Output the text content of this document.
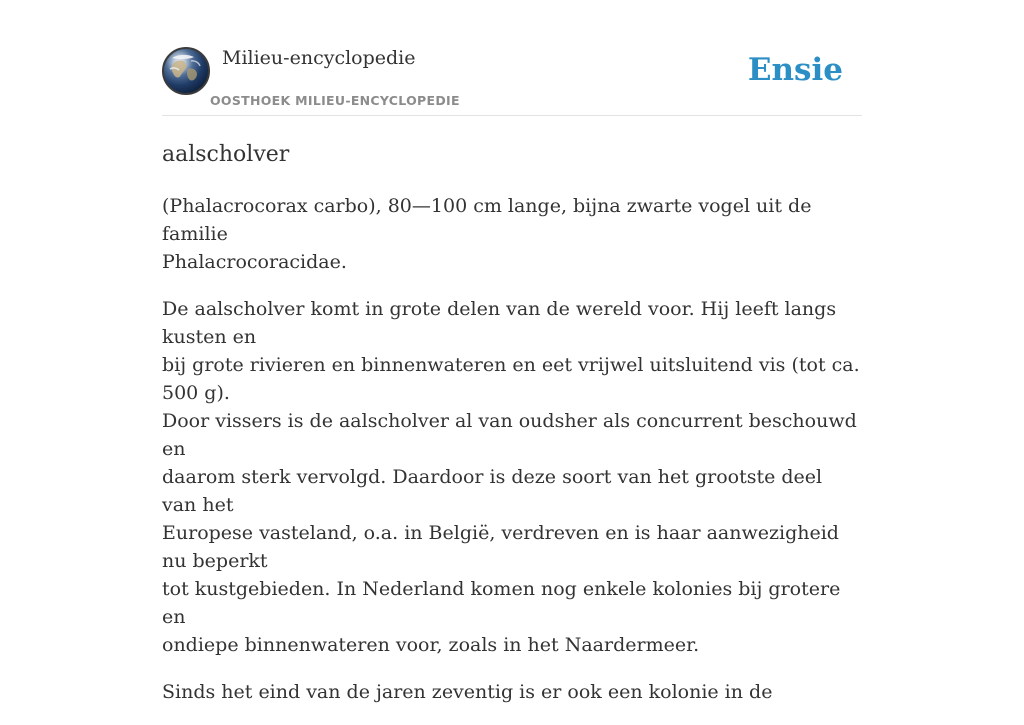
Milieu-encyclopedie
OOSTHOEK MILIEU-ENCYCLOPEDIE
Ensie
aalscholver

(Phalacrocorax carbo), 80—100 cm lange, bijna zwarte vogel uit de familie
Phalacrocoracidae.

De aalscholver komt in grote delen van de wereld voor. Hij leeft langs kusten en
bij grote rivieren en binnenwateren en eet vrijwel uitsluitend vis (tot ca. 500 g).
Door vissers is de aalscholver al van oudsher als concurrent beschouwd en
daarom sterk vervolgd. Daardoor is deze soort van het grootste deel van het
Europese vasteland, o.a. in België, verdreven en is haar aanwezigheid nu beperkt
tot kustgebieden. In Nederland komen nog enkele kolonies bij grotere en
ondiepe binnenwateren voor, zoals in het Naardermeer.

Sinds het eind van de jaren zeventig is er ook een kolonie in de
